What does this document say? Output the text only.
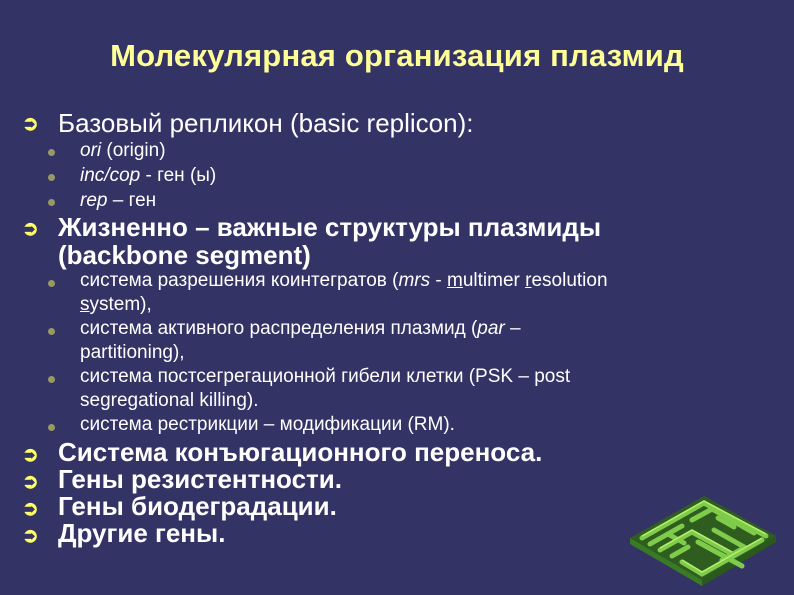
Молекулярная организация плазмид
➲ Базовый репликон (basic replicon):
ori (origin)
inc/cop - ген (ы)
rep – ген
➲ Жизненно – важные структуры плазмиды
(backbone segment)
система разрешения коинтегратов (mrs - multimer resolution
system),
система активного распределения плазмид (par –
partitioning),
система постсегрегационной гибели клетки (PSK – post
segregational killing).
система рестрикции – модификации (RM).
➲ Система конъюгационного переноса.
➲ Гены резистентности.
➲ Гены биодеградации.
➲ Другие гены.
